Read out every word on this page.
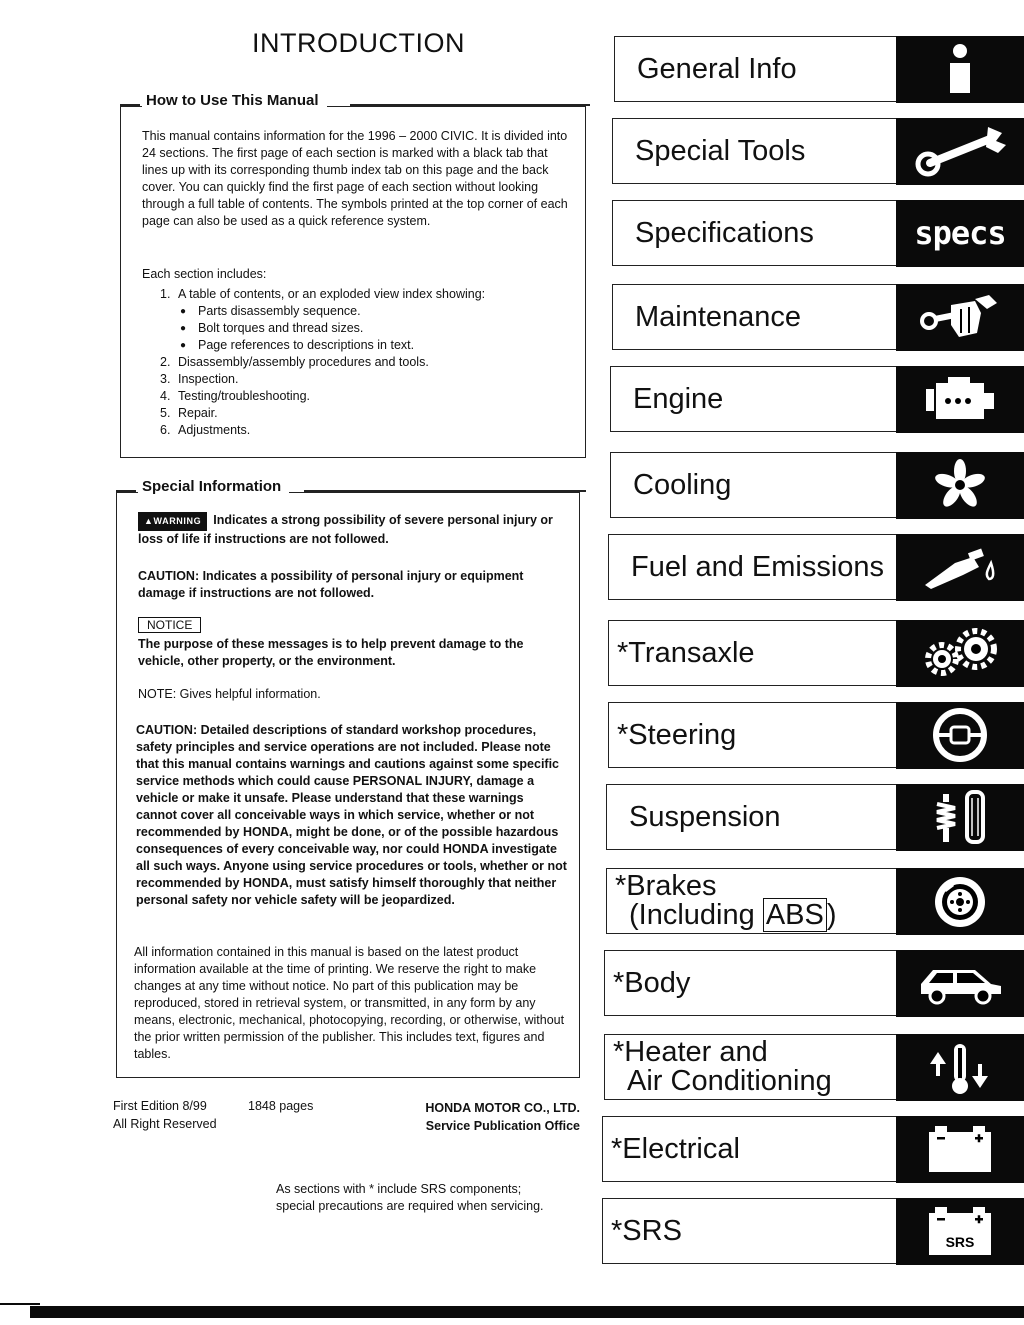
INTRODUCTION
How to Use This Manual

This manual contains information for the 1996 – 2000 CIVIC. It is divided into 24 sections. The first page of each section is marked with a black tab that lines up with its corresponding thumb index tab on this page and the back cover. You can quickly find the first page of each section without looking through a full table of contents. The symbols printed at the top corner of each page can also be used as a quick reference system.

Each section includes:

1. A table of contents, or an exploded view index showing:
● Parts disassembly sequence.
● Bolt torques and thread sizes.
● Page references to descriptions in text.
2. Disassembly/assembly procedures and tools.
3. Inspection.
4. Testing/troubleshooting.
5. Repair.
6. Adjustments.
Special Information

▲WARNING Indicates a strong possibility of severe personal injury or loss of life if instructions are not followed.

CAUTION: Indicates a possibility of personal injury or equipment damage if instructions are not followed.

NOTICE

The purpose of these messages is to help prevent damage to the vehicle, other property, or the environment.

NOTE: Gives helpful information.

CAUTION: Detailed descriptions of standard workshop procedures, safety principles and service operations are not included. Please note that this manual contains warnings and cautions against some specific service methods which could cause PERSONAL INJURY, damage a vehicle or make it unsafe. Please understand that these warnings cannot cover all conceivable ways in which service, whether or not recommended by HONDA, might be done, or of the possible hazardous consequences of every conceivable way, nor could HONDA investigate all such ways. Anyone using service procedures or tools, whether or not recommended by HONDA, must satisfy himself thoroughly that neither personal safety nor vehicle safety will be jeopardized.

All information contained in this manual is based on the latest product information available at the time of printing. We reserve the right to make changes at any time without notice. No part of this publication may be reproduced, stored in retrieval system, or transmitted, in any form by any means, electronic, mechanical, photocopying, recording, or otherwise, without the prior written permission of the publisher. This includes text, figures and tables.

First Edition 8/99
All Right Reserved
1848 pages	HONDA MOTOR CO., LTD.
Service Publication Office
As sections with * include SRS components;
special precautions are required when servicing.
General Info
Special Tools
Specifications	specs
Maintenance
Engine
Cooling
Fuel and Emissions
*Transaxle
*Steering
Suspension
*Brakes
(Including ABS )
*Body
*Heater and
Air Conditioning
*Electrical
*SRS	SRS
